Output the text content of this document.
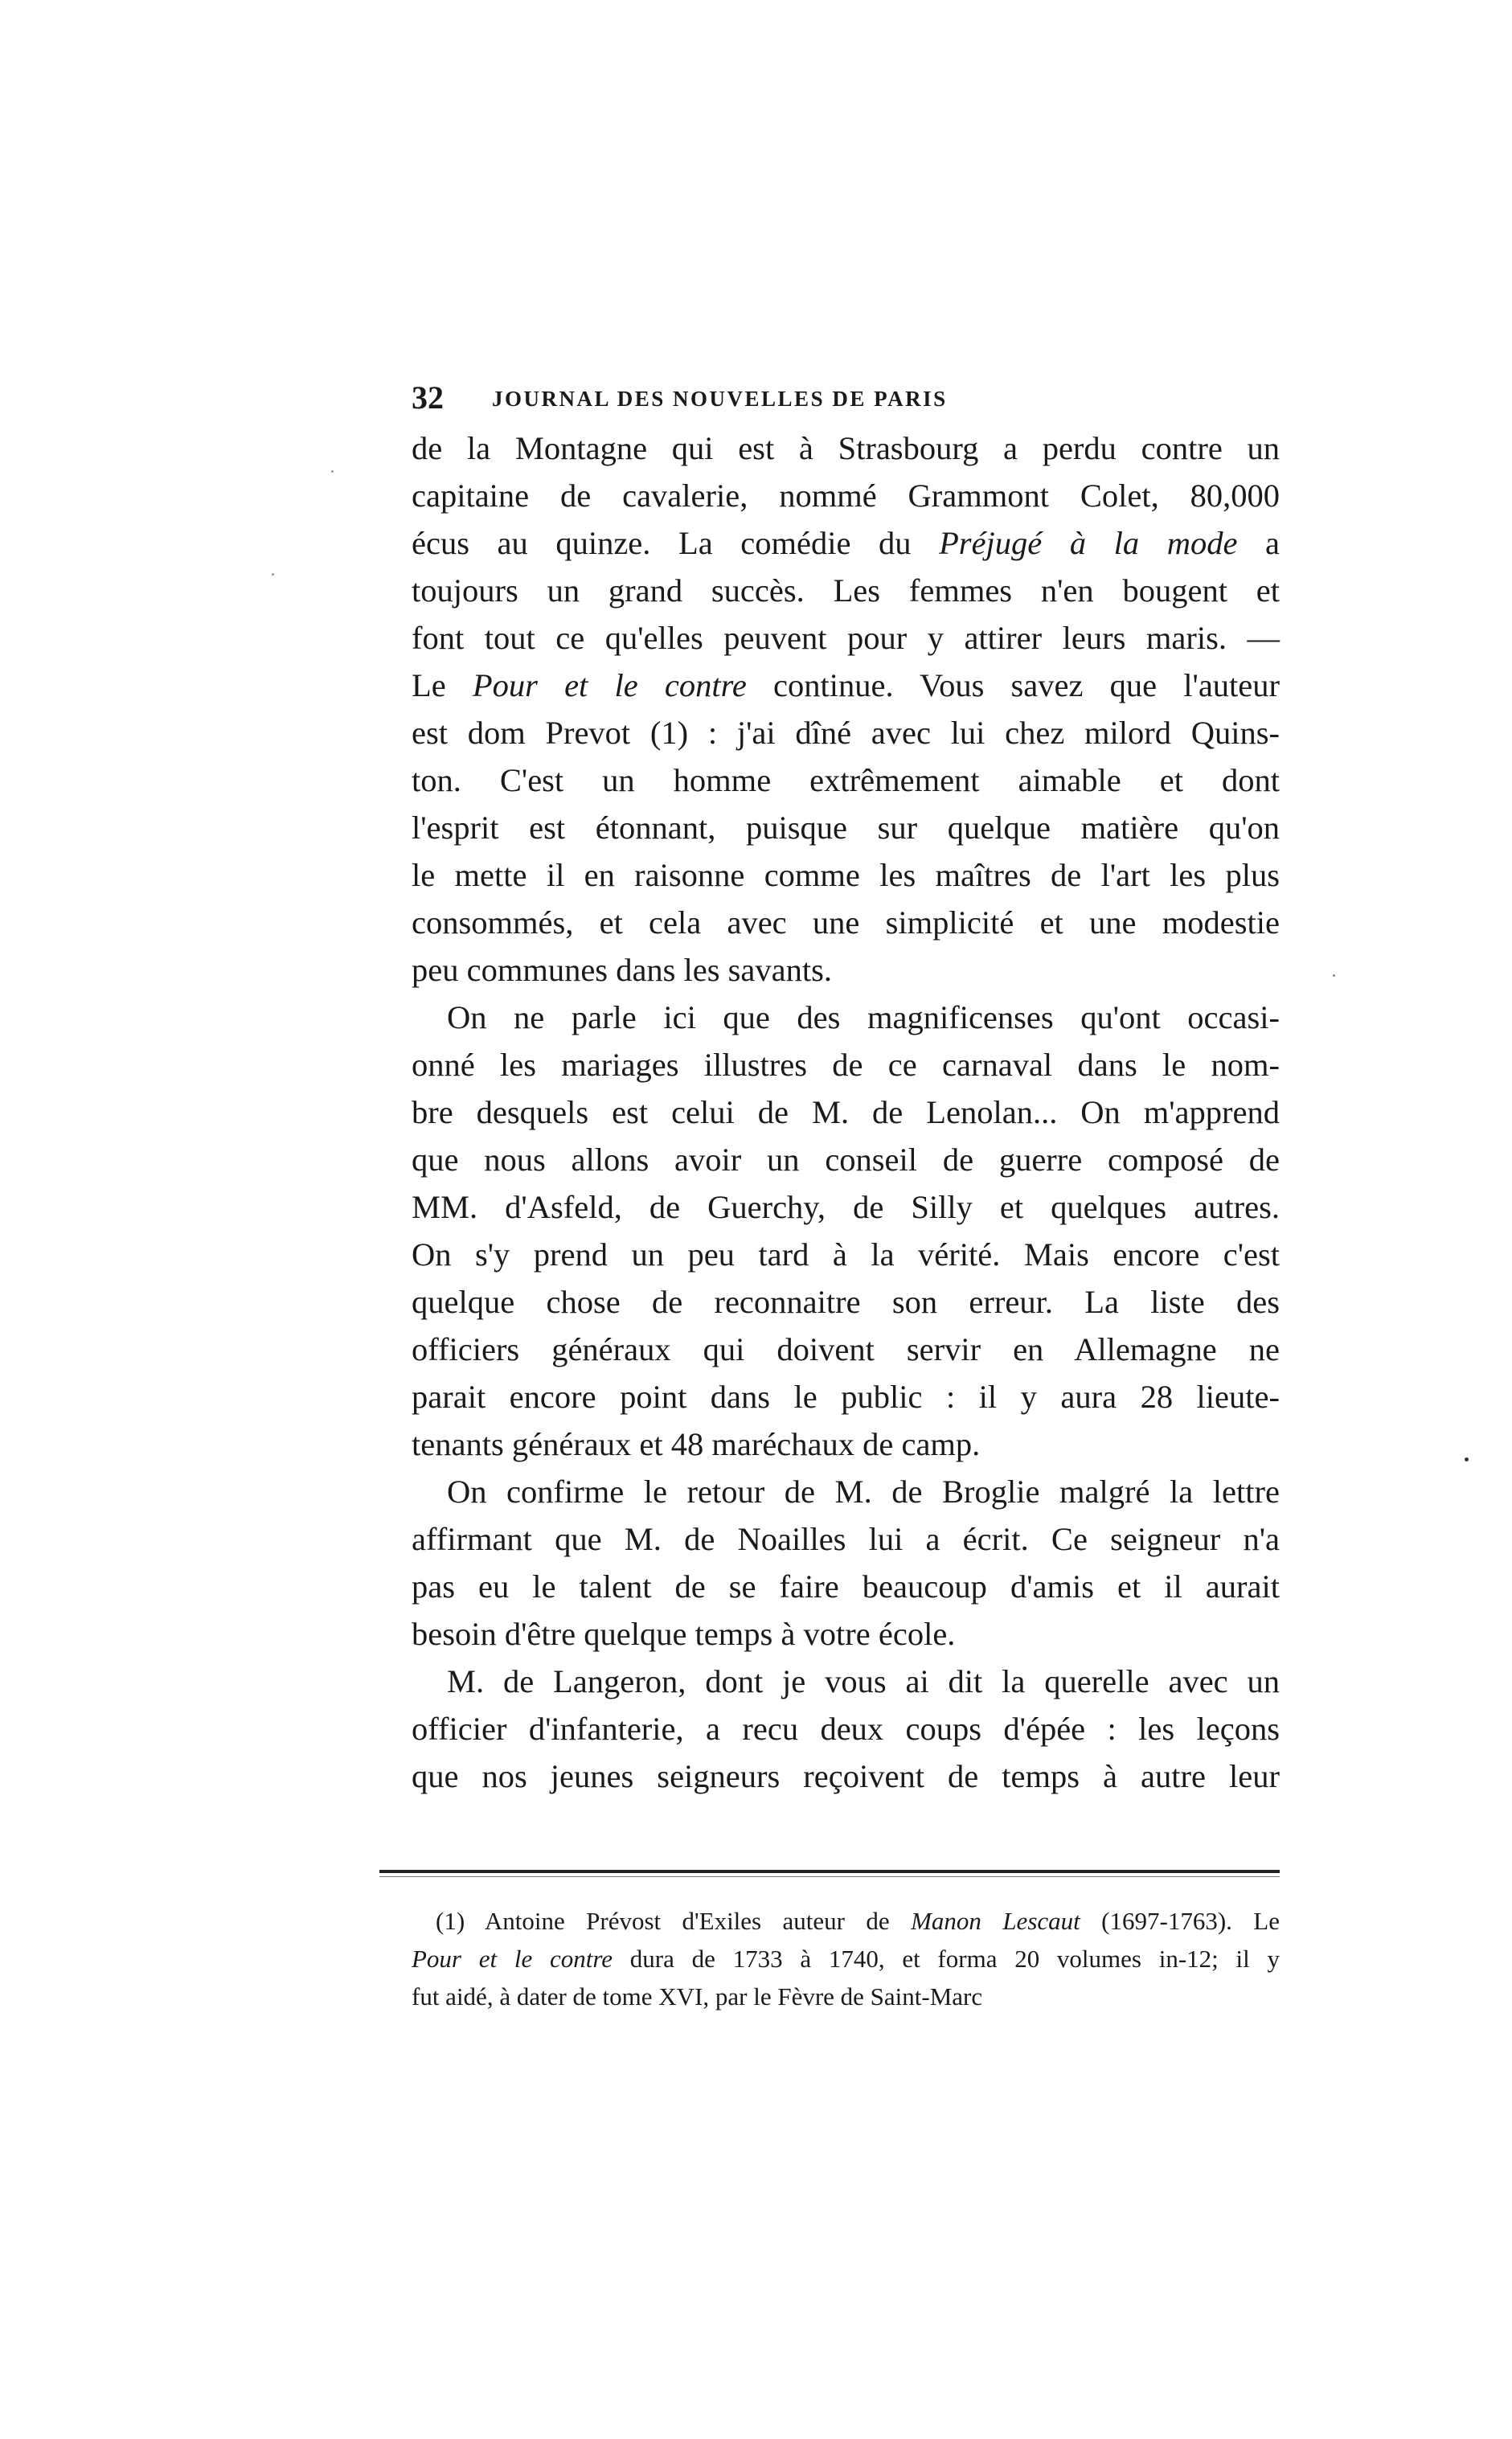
32 JOURNAL DES NOUVELLES DE PARIS
de la Montagne qui est à Strasbourg a perdu contre un
capitaine de cavalerie, nommé Grammont Colet, 80,000
écus au quinze. La comédie du Préjugé à la mode a
toujours un grand succès. Les femmes n'en bougent et
font tout ce qu'elles peuvent pour y attirer leurs maris. —
Le Pour et le contre continue. Vous savez que l'auteur
est dom Prevot (1) : j'ai dîné avec lui chez milord Quins-
ton. C'est un homme extrêmement aimable et dont
l'esprit est étonnant, puisque sur quelque matière qu'on
le mette il en raisonne comme les maîtres de l'art les plus
consommés, et cela avec une simplicité et une modestie
peu communes dans les savants.
On ne parle ici que des magnificenses qu'ont occasi-
onné les mariages illustres de ce carnaval dans le nom-
bre desquels est celui de M. de Lenolan... On m'apprend
que nous allons avoir un conseil de guerre composé de
MM. d'Asfeld, de Guerchy, de Silly et quelques autres.
On s'y prend un peu tard à la vérité. Mais encore c'est
quelque chose de reconnaitre son erreur. La liste des
officiers généraux qui doivent servir en Allemagne ne
parait encore point dans le public : il y aura 28 lieute-
tenants généraux et 48 maréchaux de camp.
On confirme le retour de M. de Broglie malgré la lettre
affirmant que M. de Noailles lui a écrit. Ce seigneur n'a
pas eu le talent de se faire beaucoup d'amis et il aurait
besoin d'être quelque temps à votre école.
M. de Langeron, dont je vous ai dit la querelle avec un
officier d'infanterie, a recu deux coups d'épée : les leçons
que nos jeunes seigneurs reçoivent de temps à autre leur
(1) Antoine Prévost d'Exiles auteur de Manon Lescaut (1697-1763). Le
Pour et le contre dura de 1733 à 1740, et forma 20 volumes in-12; il y
fut aidé, à dater de tome XVI, par le Fèvre de Saint-Marc
